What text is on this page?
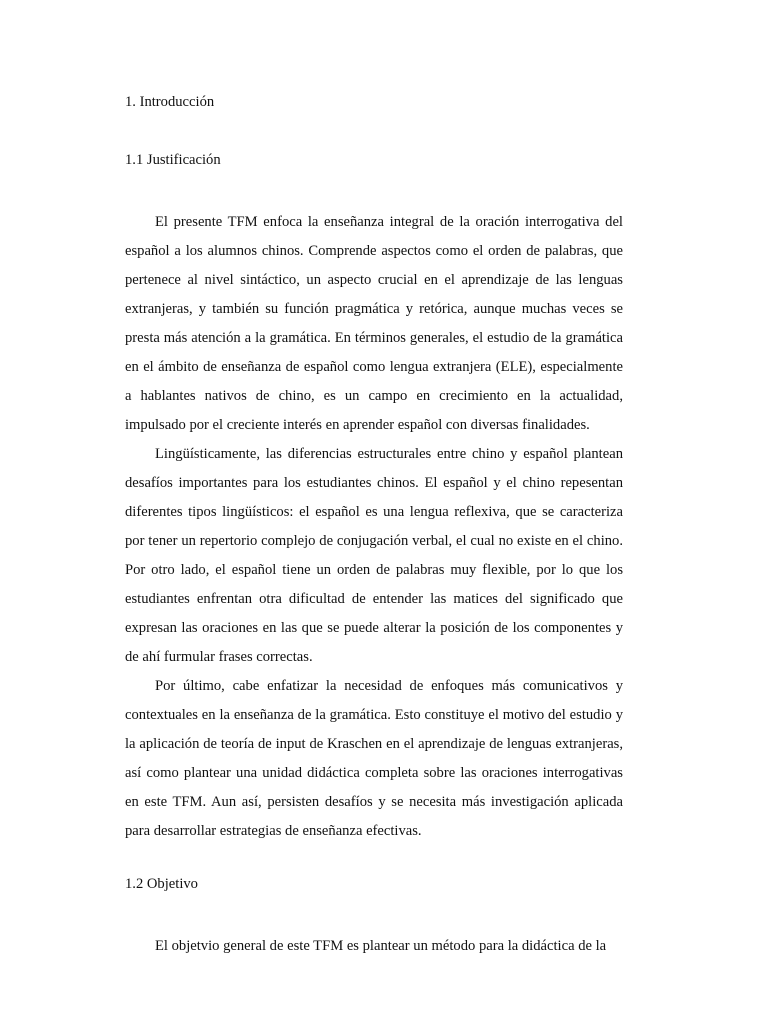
1. Introducción
1.1 Justificación

El presente TFM enfoca la enseñanza integral de la oración interrogativa del español a los alumnos chinos. Comprende aspectos como el orden de palabras, que pertenece al nivel sintáctico, un aspecto crucial en el aprendizaje de las lenguas extranjeras, y también su función pragmática y retórica, aunque muchas veces se presta más atención a la gramática. En términos generales, el estudio de la gramática en el ámbito de enseñanza de español como lengua extranjera (ELE), especialmente a hablantes nativos de chino, es un campo en crecimiento en la actualidad, impulsado por el creciente interés en aprender español con diversas finalidades.

Lingüísticamente, las diferencias estructurales entre chino y español plantean desafíos importantes para los estudiantes chinos. El español y el chino repesentan diferentes tipos lingüísticos: el español es una lengua reflexiva, que se caracteriza por tener un repertorio complejo de conjugación verbal, el cual no existe en el chino. Por otro lado, el español tiene un orden de palabras muy flexible, por lo que los estudiantes enfrentan otra dificultad de entender las matices del significado que expresan las oraciones en las que se puede alterar la posición de los componentes y de ahí furmular frases correctas.

Por último, cabe enfatizar la necesidad de enfoques más comunicativos y contextuales en la enseñanza de la gramática. Esto constituye el motivo del estudio y la aplicación de teoría de input de Kraschen en el aprendizaje de lenguas extranjeras, así como plantear una unidad didáctica completa sobre las oraciones interrogativas en este TFM. Aun así, persisten desafíos y se necesita más investigación aplicada para desarrollar estrategias de enseñanza efectivas.

1.2 Objetivo

El objetvio general de este TFM es plantear un método para la didáctica de la
